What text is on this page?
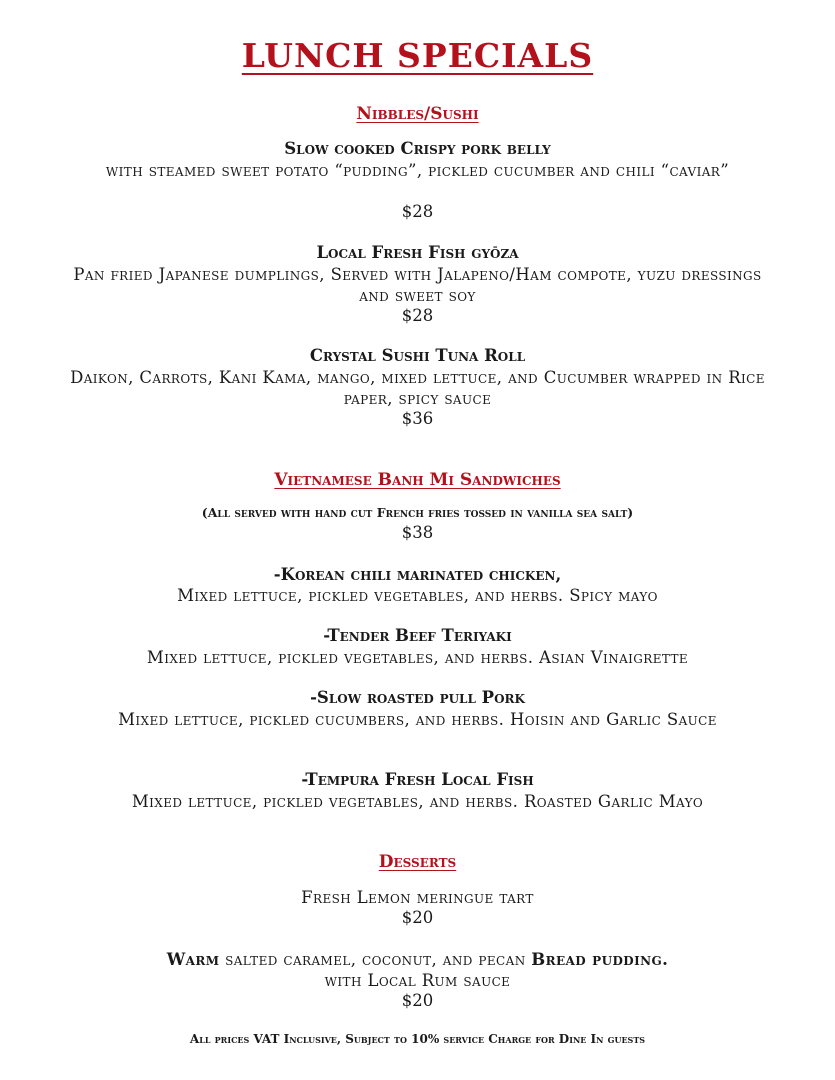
LUNCH SPECIALS
Nibbles/Sushi
Slow cooked Crispy pork belly
with steamed sweet potato “pudding”, pickled cucumber and chili “caviar”
$28
Local Fresh Fish gyōza
Pan fried Japanese dumplings, Served with Jalapeno/Ham compote, yuzu dressings and sweet soy
$28
Crystal Sushi Tuna Roll
Daikon, Carrots, Kani Kama, mango, mixed lettuce, and Cucumber wrapped in Rice paper, spicy sauce
$36
Vietnamese Banh Mi Sandwiches
(All served with hand cut French fries tossed in vanilla sea salt)
$38
-Korean chili marinated chicken,
Mixed lettuce, pickled vegetables, and herbs. Spicy mayo
-Tender Beef Teriyaki
Mixed lettuce, pickled vegetables, and herbs. Asian Vinaigrette
-Slow roasted pull Pork
Mixed lettuce, pickled cucumbers, and herbs. Hoisin and Garlic Sauce
-Tempura Fresh Local Fish
Mixed lettuce, pickled vegetables, and herbs. Roasted Garlic Mayo
Desserts
Fresh Lemon meringue tart
$20
Warm salted caramel, coconut, and pecan Bread pudding.
with Local Rum sauce
$20
All prices VAT Inclusive, Subject to 10% service Charge for Dine In guests
